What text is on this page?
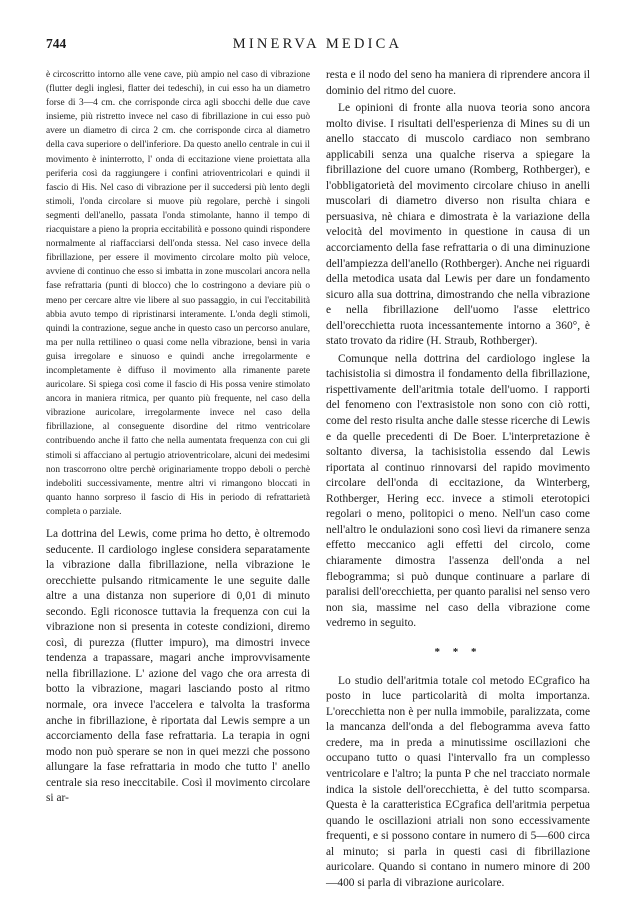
744	MINERVA MEDICA

è circoscritto intorno alle vene cave, più ampio nel caso di vibrazione (flutter degli inglesi, flatter dei tedeschi), in cui esso ha un diametro forse di 3—4 cm. che corrisponde circa agli sbocchi delle due cave insieme, più ristretto invece nel caso di fibrillazione in cui esso può avere un diametro di circa 2 cm. che corrisponde circa al diametro della cava superiore o dell'inferiore. Da questo anello centrale in cui il movimento è ininterrotto, l' onda di eccitazione viene proiettata alla periferia così da raggiungere i confini atrioventricolari e quindi il fascio di His. Nel caso di vibrazione per il succedersi più lento degli stimoli, l'onda circolare si muove più regolare, perchè i singoli segmenti dell'anello, passata l'onda stimolante, hanno il tempo di riacquistare a pieno la propria eccitabilità e possono quindi rispondere normalmente al riaffacciarsi dell'onda stessa. Nel caso invece della fibrillazione, per essere il movimento circolare molto più veloce, avviene di continuo che esso si imbatta in zone muscolari ancora nella fase refrattaria (punti di blocco) che lo costringono a deviare più o meno per cercare altre vie libere al suo passaggio, in cui l'eccitabilità abbia avuto tempo di ripristinarsi interamente. L'onda degli stimoli, quindi la contrazione, segue anche in questo caso un percorso anulare, ma per nulla rettilineo o quasi come nella vibrazione, bensì in varia guisa irregolare e sinuoso e quindi anche irregolarmente e incompletamente è diffuso il movimento alla rimanente parete auricolare. Si spiega così come il fascio di His possa venire stimolato ancora in maniera ritmica, per quanto più frequente, nel caso della vibrazione auricolare, irregolarmente invece nel caso della fibrillazione, al conseguente disordine del ritmo ventricolare contribuendo anche il fatto che nella aumentata frequenza con cui gli stimoli si affacciano al pertugio atrioventricolare, alcuni dei medesimi non trascorrono oltre perchè originariamente troppo deboli o perchè indeboliti successivamente, mentre altri vi rimangono bloccati in quanto hanno sorpreso il fascio di His in periodo di refrattarietà completa o parziale.

La dottrina del Lewis, come prima ho detto, è oltremodo seducente. Il cardiologo inglese considera separatamente la vibrazione dalla fibrillazione, nella vibrazione le orecchiette pulsando ritmicamente le une seguite dalle altre a una distanza non superiore di 0,01 di minuto secondo. Egli riconosce tuttavia la frequenza con cui la vibrazione non si presenta in coteste condizioni, diremo così, di purezza (flutter impuro), ma dimostri invece tendenza a trapassare, magari anche improvvisamente nella fibrillazione. L' azione del vago che ora arresta di botto la vibrazione, magari lasciando posto al ritmo normale, ora invece l'accelera e talvolta la trasforma anche in fibrillazione, è riportata dal Lewis sempre a un accorciamento della fase refrattaria. La terapia in ogni modo non può sperare se non in quei mezzi che possono allungare la fase refrattaria in modo che tutto l' anello centrale sia reso ineccitabile. Così il movimento circolare si ar-

resta e il nodo del seno ha maniera di riprendere ancora il dominio del ritmo del cuore.

Le opinioni di fronte alla nuova teoria sono ancora molto divise. I risultati dell'esperienza di Mines su di un anello staccato di muscolo cardiaco non sembrano applicabili senza una qualche riserva a spiegare la fibrillazione del cuore umano (Romberg, Rothberger), e l'obbligatorietà del movimento circolare chiuso in anelli muscolari di diametro diverso non risulta chiara e persuasiva, nè chiara e dimostrata è la variazione della velocità del movimento in questione in causa di un accorciamento della fase refrattaria o di una diminuzione dell'ampiezza dell'anello (Rothberger). Anche nei riguardi della metodica usata dal Lewis per dare un fondamento sicuro alla sua dottrina, dimostrando che nella vibrazione e nella fibrillazione dell'uomo l'asse elettrico dell'orecchietta ruota incessantemente intorno a 360°, è stato trovato da ridire (H. Straub, Rothberger).

Comunque nella dottrina del cardiologo inglese la tachisistolia si dimostra il fondamento della fibrillazione, rispettivamente dell'aritmia totale dell'uomo. I rapporti del fenomeno con l'extrasistole non sono con ciò rotti, come del resto risulta anche dalle stesse ricerche di Lewis e da quelle precedenti di De Boer. L'interpretazione è soltanto diversa, la tachisistolia essendo dal Lewis riportata al continuo rinnovarsi del rapido movimento circolare dell'onda di eccitazione, da Winterberg, Rothberger, Hering ecc. invece a stimoli eterotopici regolari o meno, politopici o meno. Nell'un caso come nell'altro le ondulazioni sono così lievi da rimanere senza effetto meccanico agli effetti del circolo, come chiaramente dimostra l'assenza dell'onda a nel flebogramma; si può dunque continuare a parlare di paralisi dell'orecchietta, per quanto paralisi nel senso vero non sia, massime nel caso della vibrazione come vedremo in seguito.

* * *

Lo studio dell'aritmia totale col metodo ECgrafico ha posto in luce particolarità di molta importanza. L'orecchietta non è per nulla immobile, paralizzata, come la mancanza dell'onda a del flebogramma aveva fatto credere, ma in preda a minutissime oscillazioni che occupano tutto o quasi l'intervallo fra un complesso ventricolare e l'altro; la punta P che nel tracciato normale indica la sistole dell'orecchietta, è del tutto scomparsa. Questa è la caratteristica ECgrafica dell'aritmia perpetua quando le oscillazioni atriali non sono eccessivamente frequenti, e si possono contare in numero di 5—600 circa al minuto; si parla in questi casi di fibrillazione auricolare. Quando si contano in numero minore di 200—400 si parla di vibrazione auricolare.
